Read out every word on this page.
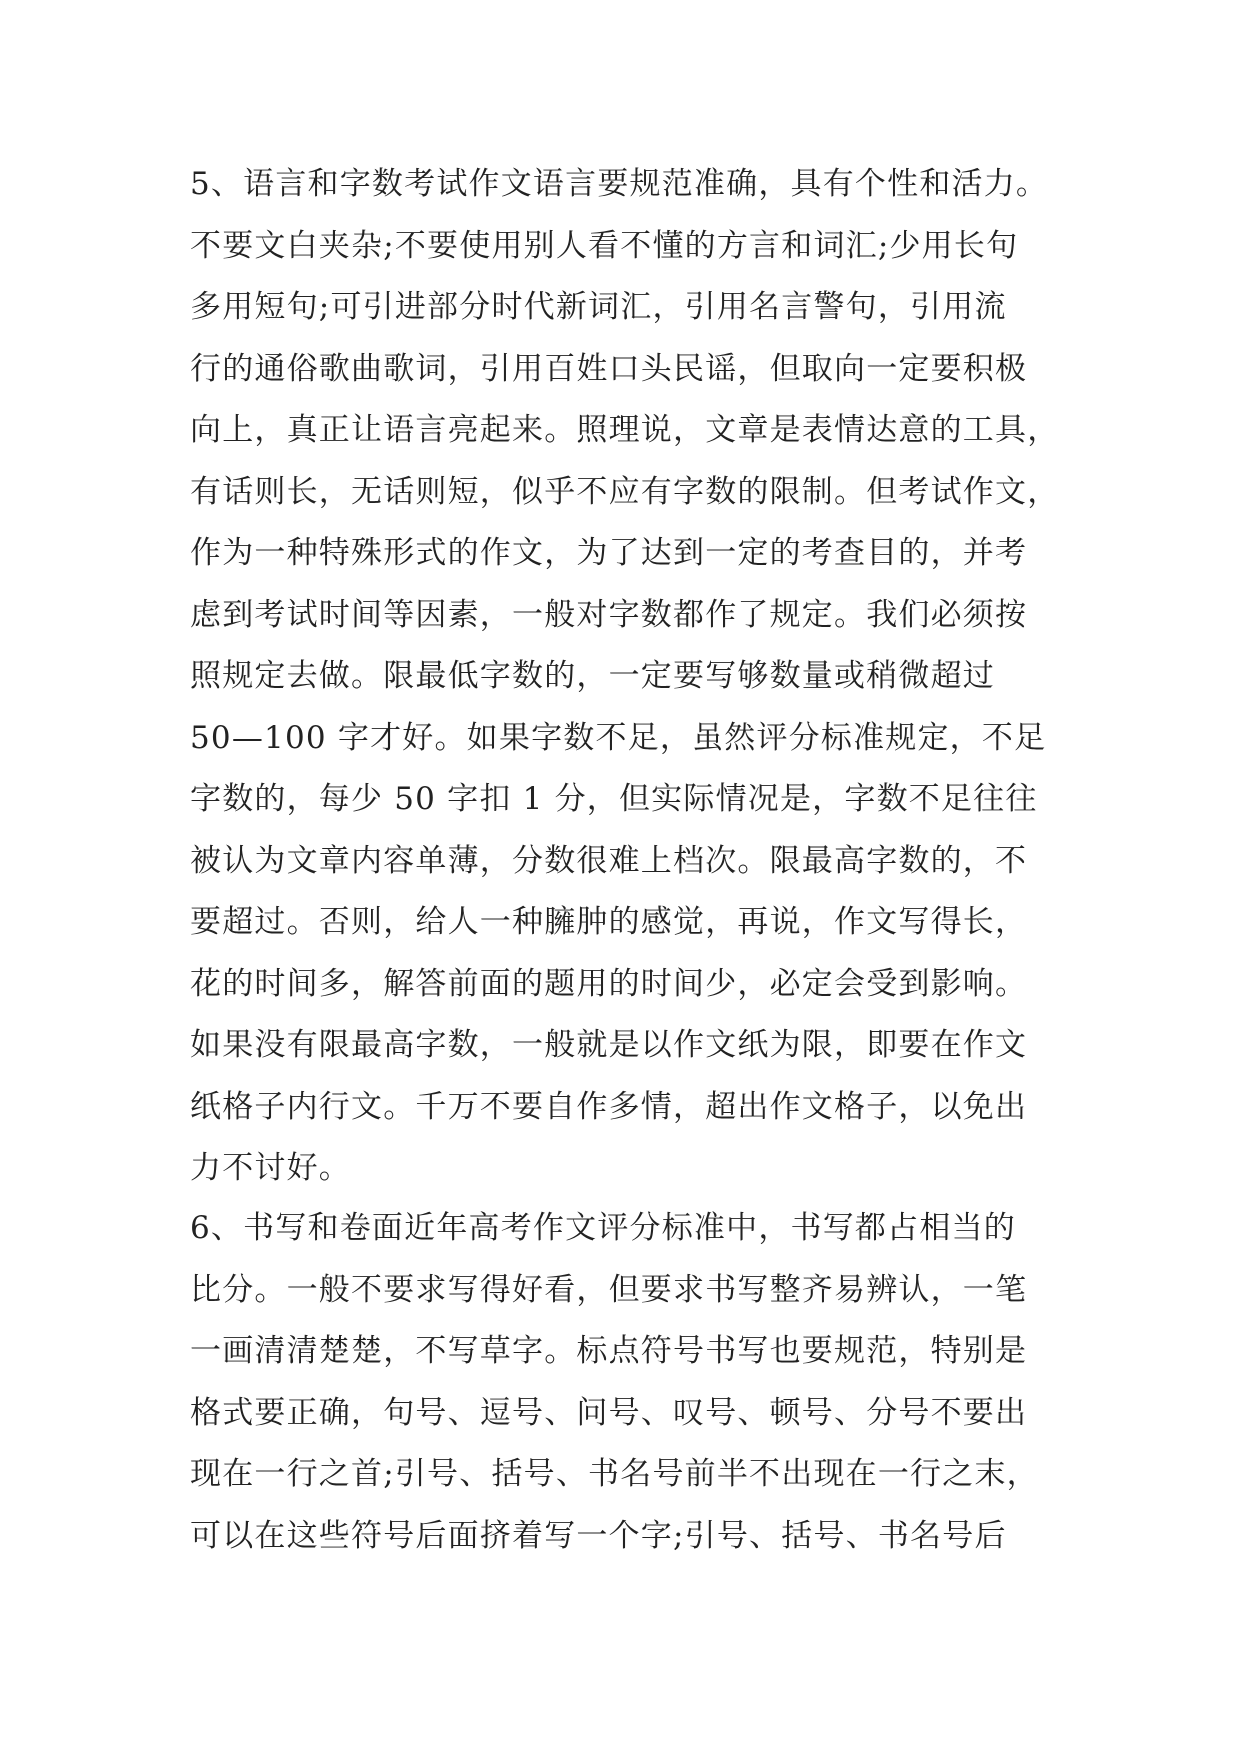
5、语言和字数考试作文语言要规范准确，具有个性和活力。
不要文白夹杂;不要使用别人看不懂的方言和词汇;少用长句
多用短句;可引进部分时代新词汇，引用名言警句，引用流
行的通俗歌曲歌词，引用百姓口头民谣，但取向一定要积极
向上，真正让语言亮起来。照理说，文章是表情达意的工具，
有话则长，无话则短，似乎不应有字数的限制。但考试作文，
作为一种特殊形式的作文，为了达到一定的考查目的，并考
虑到考试时间等因素，一般对字数都作了规定。我们必须按
照规定去做。限最低字数的，一定要写够数量或稍微超过
50—100 字才好。如果字数不足，虽然评分标准规定，不足
字数的，每少 50 字扣 1 分，但实际情况是，字数不足往往
被认为文章内容单薄，分数很难上档次。限最高字数的，不
要超过。否则，给人一种臃肿的感觉，再说，作文写得长，
花的时间多，解答前面的题用的时间少，必定会受到影响。
如果没有限最高字数，一般就是以作文纸为限，即要在作文
纸格子内行文。千万不要自作多情，超出作文格子，以免出
力不讨好。
6、书写和卷面近年高考作文评分标准中，书写都占相当的
比分。一般不要求写得好看，但要求书写整齐易辨认，一笔
一画清清楚楚，不写草字。标点符号书写也要规范，特别是
格式要正确，句号、逗号、问号、叹号、顿号、分号不要出
现在一行之首;引号、括号、书名号前半不出现在一行之末，
可以在这些符号后面挤着写一个字;引号、括号、书名号后
